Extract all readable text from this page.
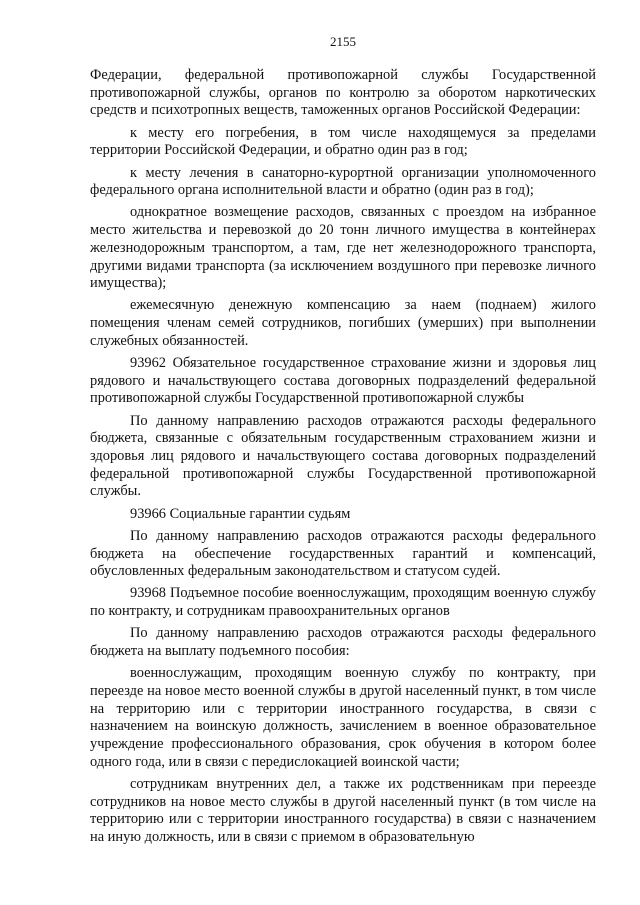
2155

Федерации, федеральной противопожарной службы Государственной противопожарной службы, органов по контролю за оборотом наркотических средств и психотропных веществ, таможенных органов Российской Федерации:

к месту его погребения, в том числе находящемуся за пределами территории Российской Федерации, и обратно один раз в год;

к месту лечения в санаторно-курортной организации уполномоченного федерального органа исполнительной власти и обратно (один раз в год);

однократное возмещение расходов, связанных с проездом на избранное место жительства и перевозкой до 20 тонн личного имущества в контейнерах железнодорожным транспортом, а там, где нет железнодорожного транспорта, другими видами транспорта (за исключением воздушного при перевозке личного имущества);

ежемесячную денежную компенсацию за наем (поднаем) жилого помещения членам семей сотрудников, погибших (умерших) при выполнении служебных обязанностей.

93962 Обязательное государственное страхование жизни и здоровья лиц рядового и начальствующего состава договорных подразделений федеральной противопожарной службы Государственной противопожарной службы

По данному направлению расходов отражаются расходы федерального бюджета, связанные с обязательным государственным страхованием жизни и здоровья лиц рядового и начальствующего состава договорных подразделений федеральной противопожарной службы Государственной противопожарной службы.

93966 Социальные гарантии судьям

По данному направлению расходов отражаются расходы федерального бюджета на обеспечение государственных гарантий и компенсаций, обусловленных федеральным законодательством и статусом судей.

93968 Подъемное пособие военнослужащим, проходящим военную службу по контракту, и сотрудникам правоохранительных органов

По данному направлению расходов отражаются расходы федерального бюджета на выплату подъемного пособия:

военнослужащим, проходящим военную службу по контракту, при переезде на новое место военной службы в другой населенный пункт, в том числе на территорию или с территории иностранного государства, в связи с назначением на воинскую должность, зачислением в военное образовательное учреждение профессионального образования, срок обучения в котором более одного года, или в связи с передислокацией воинской части;

сотрудникам внутренних дел, а также их родственникам при переезде сотрудников на новое место службы в другой населенный пункт (в том числе на территорию или с территории иностранного государства) в связи с назначением на иную должность, или в связи с приемом в образовательную
